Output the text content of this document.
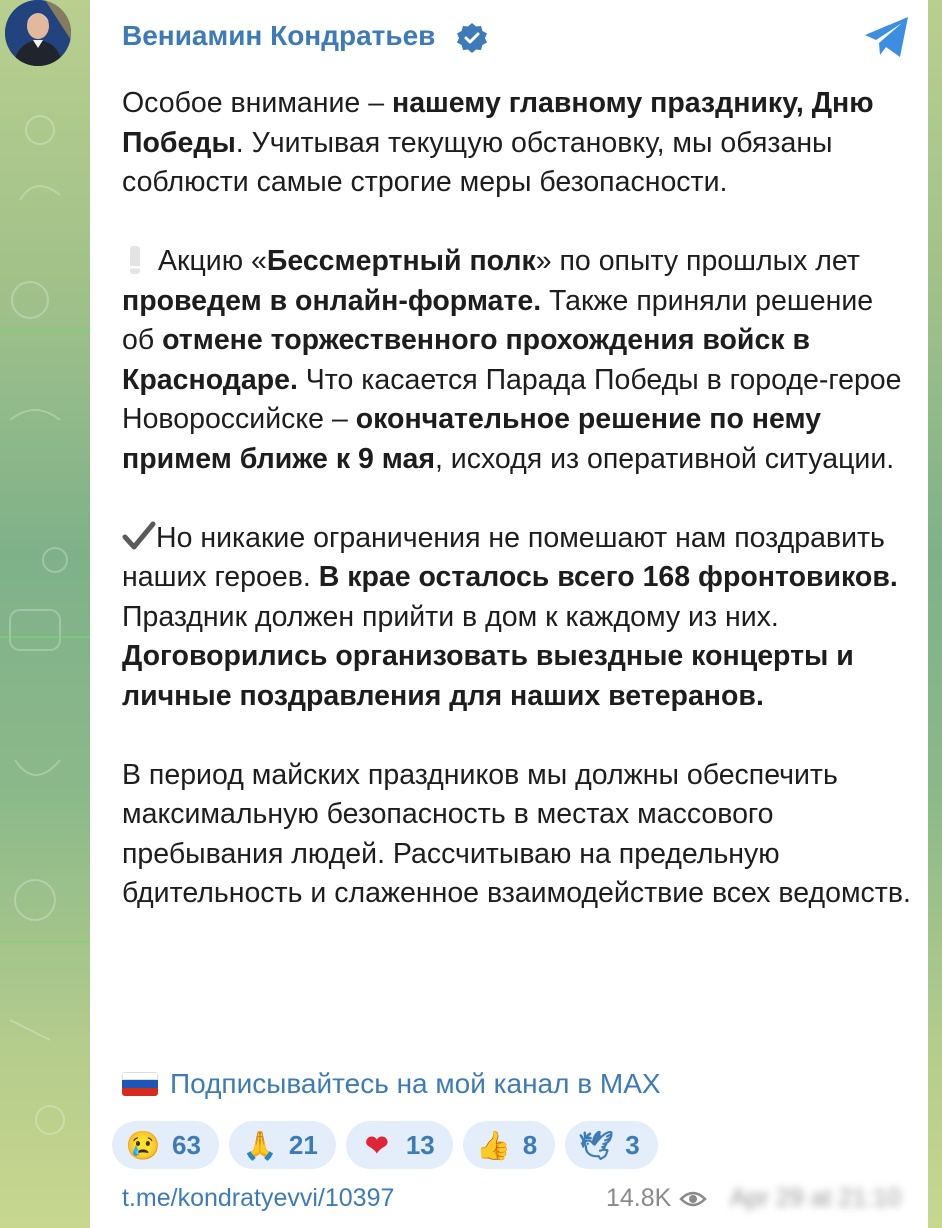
Вениамин Кондратьев

Особое внимание – нашему главному празднику, Дню Победы. Учитывая текущую обстановку, мы обязаны соблюсти самые строгие меры безопасности.

Акцию «Бессмертный полк» по опыту прошлых лет проведем в онлайн-формате. Также приняли решение об отмене торжественного прохождения войск в Краснодаре. Что касается Парада Победы в городе-герое Новороссийске – окончательное решение по нему примем ближе к 9 мая, исходя из оперативной ситуации.

Но никакие ограничения не помешают нам поздравить наших героев. В крае осталось всего 168 фронтовиков. Праздник должен прийти в дом к каждому из них. Договорились организовать выездные концерты и личные поздравления для наших ветеранов.

В период майских праздников мы должны обеспечить максимальную безопасность в местах массового пребывания людей. Рассчитываю на предельную бдительность и слаженное взаимодействие всех ведомств.

Подписывайтесь на мой канал в MAX
😢 63 🙏 21 ❤ 13 👍 8 🕊 3
t.me/kondratyevvi/10397	14.8K Apr 29 at 21:10
